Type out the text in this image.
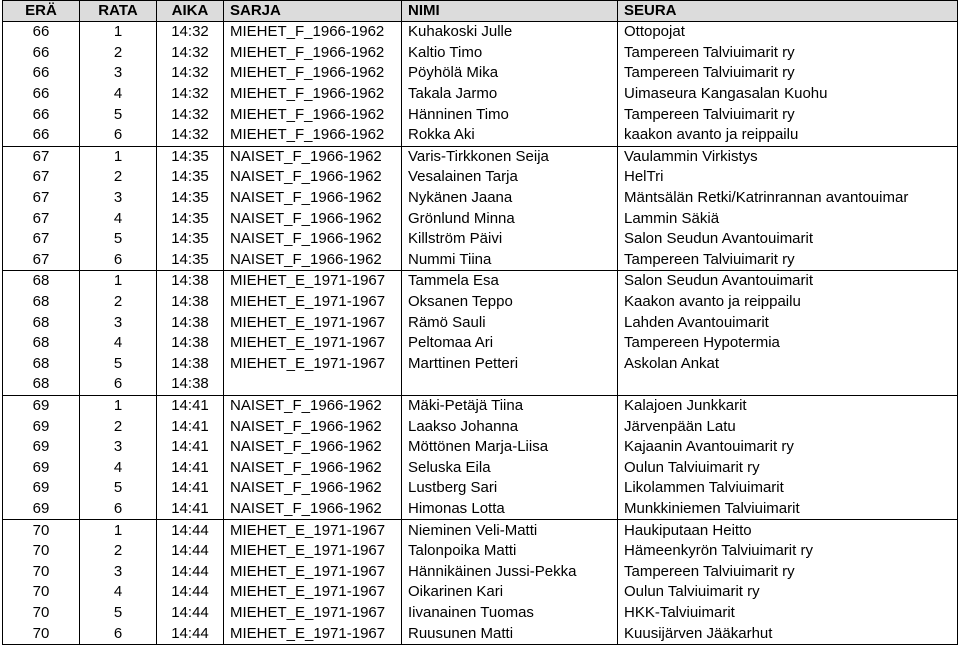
ERÄ	RATA	AIKA	SARJA	NIMI	SEURA
66	1	14:32	MIEHET_F_1966-1962	Kuhakoski Julle	Ottopojat
66	2	14:32	MIEHET_F_1966-1962	Kaltio Timo	Tampereen Talviuimarit ry
66	3	14:32	MIEHET_F_1966-1962	Pöyhölä Mika	Tampereen Talviuimarit ry
66	4	14:32	MIEHET_F_1966-1962	Takala Jarmo	Uimaseura Kangasalan Kuohu
66	5	14:32	MIEHET_F_1966-1962	Hänninen Timo	Tampereen Talviuimarit ry
66	6	14:32	MIEHET_F_1966-1962	Rokka Aki	kaakon avanto ja reippailu
67	1	14:35	NAISET_F_1966-1962	Varis-Tirkkonen Seija	Vaulammin Virkistys
67	2	14:35	NAISET_F_1966-1962	Vesalainen Tarja	HelTri
67	3	14:35	NAISET_F_1966-1962	Nykänen Jaana	Mäntsälän Retki/Katrinrannan avantouimar
67	4	14:35	NAISET_F_1966-1962	Grönlund Minna	Lammin Säkiä
67	5	14:35	NAISET_F_1966-1962	Killström Päivi	Salon Seudun Avantouimarit
67	6	14:35	NAISET_F_1966-1962	Nummi Tiina	Tampereen Talviuimarit ry
68	1	14:38	MIEHET_E_1971-1967	Tammela Esa	Salon Seudun Avantouimarit
68	2	14:38	MIEHET_E_1971-1967	Oksanen Teppo	Kaakon avanto ja reippailu
68	3	14:38	MIEHET_E_1971-1967	Rämö Sauli	Lahden Avantouimarit
68	4	14:38	MIEHET_E_1971-1967	Peltomaa Ari	Tampereen Hypotermia
68	5	14:38	MIEHET_E_1971-1967	Marttinen Petteri	Askolan Ankat
68	6	14:38			
69	1	14:41	NAISET_F_1966-1962	Mäki-Petäjä Tiina	Kalajoen Junkkarit
69	2	14:41	NAISET_F_1966-1962	Laakso Johanna	Järvenpään Latu
69	3	14:41	NAISET_F_1966-1962	Möttönen Marja-Liisa	Kajaanin Avantouimarit ry
69	4	14:41	NAISET_F_1966-1962	Seluska Eila	Oulun Talviuimarit ry
69	5	14:41	NAISET_F_1966-1962	Lustberg Sari	Likolammen Talviuimarit
69	6	14:41	NAISET_F_1966-1962	Himonas Lotta	Munkkiniemen Talviuimarit
70	1	14:44	MIEHET_E_1971-1967	Nieminen Veli-Matti	Haukiputaan Heitto
70	2	14:44	MIEHET_E_1971-1967	Talonpoika Matti	Hämeenkyrön Talviuimarit ry
70	3	14:44	MIEHET_E_1971-1967	Hännikäinen Jussi-Pekka	Tampereen Talviuimarit ry
70	4	14:44	MIEHET_E_1971-1967	Oikarinen Kari	Oulun Talviuimarit ry
70	5	14:44	MIEHET_E_1971-1967	Iivanainen Tuomas	HKK-Talviuimarit
70	6	14:44	MIEHET_E_1971-1967	Ruusunen Matti	Kuusijärven Jääkarhut
